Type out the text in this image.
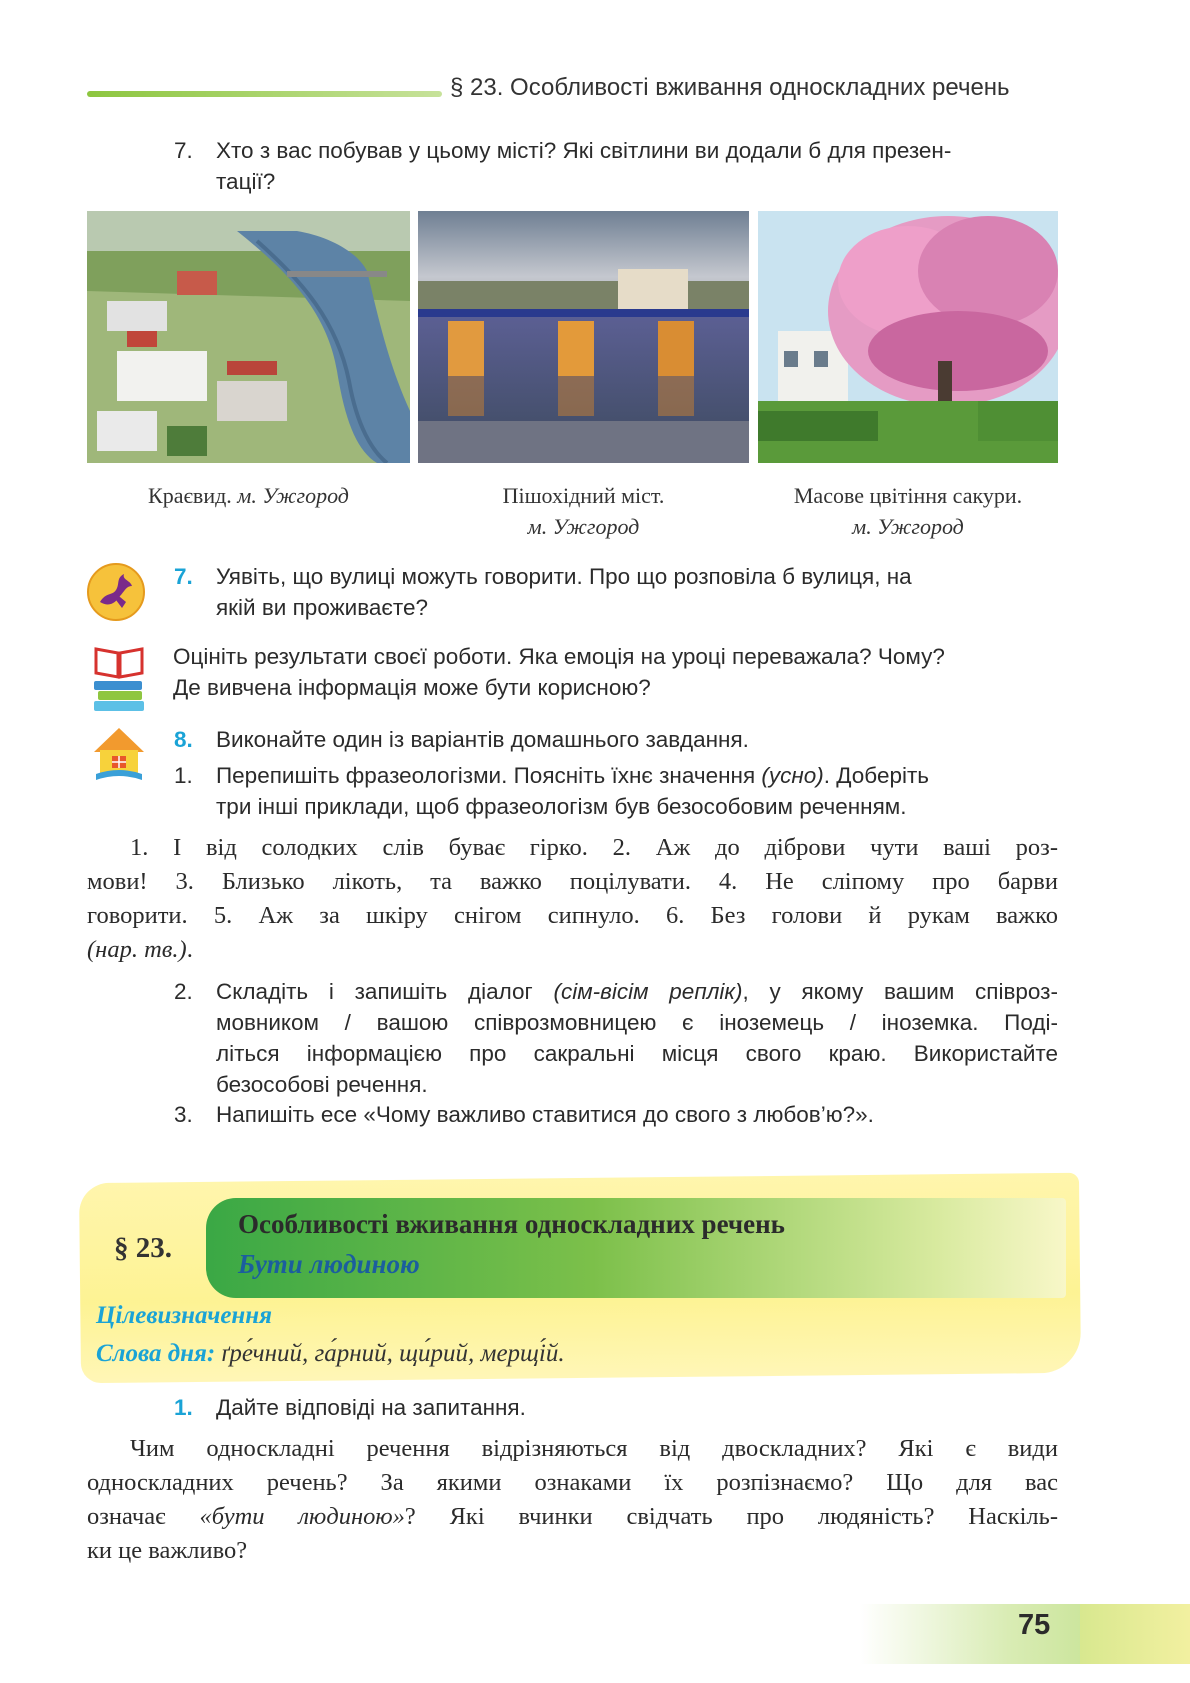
§ 23. Особливості вживання односкладних речень
7. Хто з вас побував у цьому місті? Які світлини ви додали б для презен-
тації?
Краєвид. м. Ужгород	Пішохідний міст.
м. Ужгород
Масове цвітіння сакури.
м. Ужгород
7. Уявіть, що вулиці можуть говорити. Про що розповіла б вулиця, на
якій ви проживаєте?
Оцініть результати своєї роботи. Яка емоція на уроці переважала? Чому?
Де вивчена інформація може бути корисною?
8. Виконайте один із варіантів домашнього завдання.
1. Перепишіть фразеологізми. Поясніть їхнє значення (усно). Доберіть
три інші приклади, щоб фразеологізм був безособовим реченням.
1. І від солодких слів буває гірко. 2. Аж до діброви чути ваші роз-
мови! 3. Близько лікоть, та важко поцілувати. 4. Не сліпому про барви
говорити. 5. Аж за шкіру снігом сипнуло. 6. Без голови й рукам важко
(нар. тв.).
2. Складіть і запишіть діалог (сім-вісім реплік), у якому вашим співроз-
мовником / вашою співрозмовницею є іноземець / іноземка. Поді-
літься інформацією про сакральні місця свого краю. Використайте
безособові речення.
3. Напишіть есе «Чому важливо ставитися до свого з любов’ю?».
§ 23.
Особливості вживання односкладних речень
Бути людиною
Цілевизначення
Слова дня: ґре́чний, га́рний, щи́рий, мерщі́й.
1. Дайте відповіді на запитання.
Чим односкладні речення відрізняються від двоскладних? Які є види
односкладних речень? За якими ознаками їх розпізнаємо? Що для вас
означає «бути людиною»? Які вчинки свідчать про людяність? Наскіль-
ки це важливо?
75
